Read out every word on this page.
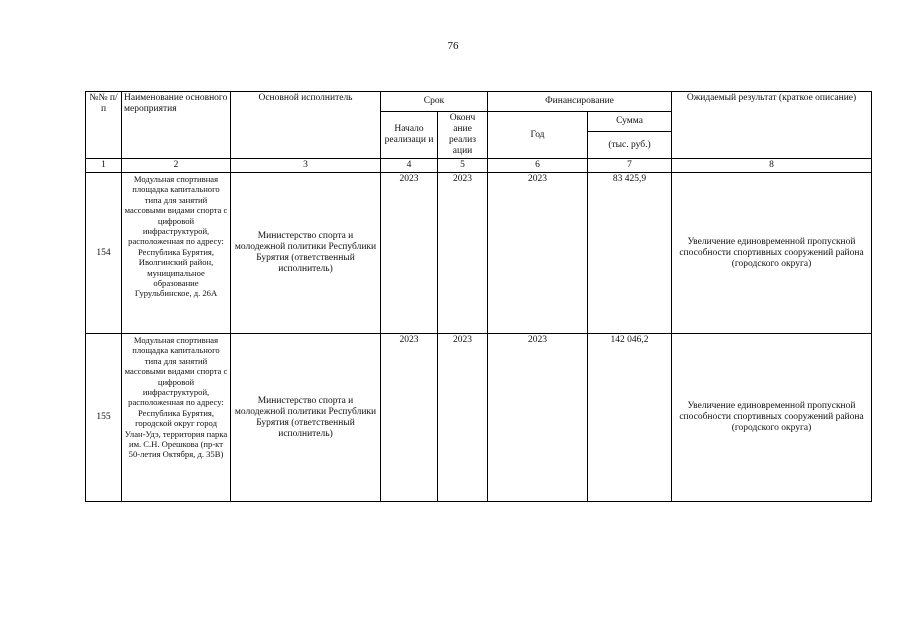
76
№№ п/п	Наименование основного мероприятия	Основной исполнитель	Срок		Финансирование		Ожидаемый результат (краткое описание)
			Начало реализаци и	Оконч ание реализ ации	Год	Сумма	
						(тыс. руб.)	
1	2	3	4	5	6	7	8
154	Модульная спортивная площадка капитального типа для занятий массовыми видами спорта с цифровой инфраструктурой, расположенная по адресу: Республика Бурятия, Иволгинский район, муниципальное образование Гурульбинское, д. 26А	Министерство спорта и молодежной политики Республики Бурятия (ответственный исполнитель)	2023	2023	2023	83 425,9	Увеличение единовременной пропускной способности спортивных сооружений района (городского округа)
155	Модульная спортивная площадка капитального типа для занятий массовыми видами спорта с цифровой инфраструктурой, расположенная по адресу: Республика Бурятия, городской округ город Улан-Удэ, территория парка им. С.Н. Орешкова (пр-кт 50-летия Октября, д. 35В)	Министерство спорта и молодежной политики Республики Бурятия (ответственный исполнитель)	2023	2023	2023	142 046,2	Увеличение единовременной пропускной способности спортивных сооружений района (городского округа)
